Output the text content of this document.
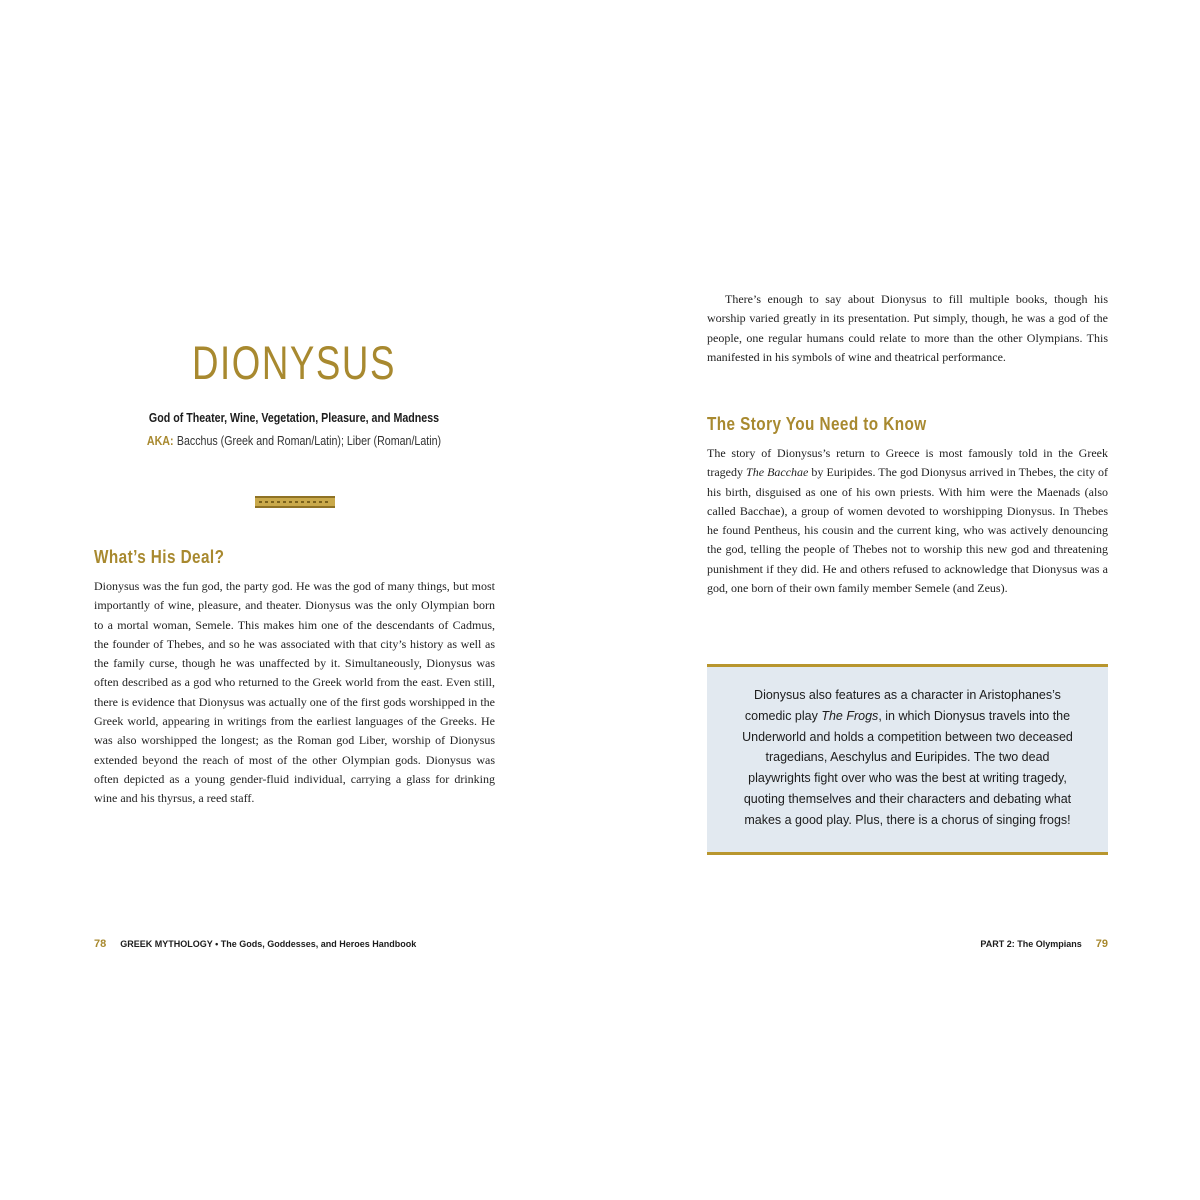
DIONYSUS

God of Theater, Wine, Vegetation, Pleasure, and Madness

AKA: Bacchus (Greek and Roman/Latin); Liber (Roman/Latin)

What’s His Deal?

Dionysus was the fun god, the party god. He was the god of many things, but most importantly of wine, pleasure, and theater. Dionysus was the only Olympian born to a mortal woman, Semele. This makes him one of the descendants of Cadmus, the founder of Thebes, and so he was associated with that city’s history as well as the family curse, though he was unaffected by it. Simultaneously, Dionysus was often described as a god who returned to the Greek world from the east. Even still, there is evidence that Dionysus was actually one of the first gods worshipped in the Greek world, appearing in writings from the earliest languages of the Greeks. He was also worshipped the longest; as the Roman god Liber, worship of Dionysus extended beyond the reach of most of the other Olympian gods. Dionysus was often depicted as a young gender-fluid individual, carrying a glass for drinking wine and his thyrsus, a reed staff.

78 GREEK MYTHOLOGY • The Gods, Goddesses, and Heroes Handbook

There’s enough to say about Dionysus to fill multiple books, though his worship varied greatly in its presentation. Put simply, though, he was a god of the people, one regular humans could relate to more than the other Olympians. This manifested in his symbols of wine and theatrical performance.

The Story You Need to Know

The story of Dionysus’s return to Greece is most famously told in the Greek tragedy The Bacchae by Euripides. The god Dionysus arrived in Thebes, the city of his birth, disguised as one of his own priests. With him were the Maenads (also called Bacchae), a group of women devoted to worshipping Dionysus. In Thebes he found Pentheus, his cousin and the current king, who was actively denouncing the god, telling the people of Thebes not to worship this new god and threatening punishment if they did. He and others refused to acknowledge that Dionysus was a god, one born of their own family member Semele (and Zeus).

Dionysus also features as a character in Aristophanes’s comedic play The Frogs, in which Dionysus travels into the Underworld and holds a competition between two deceased tragedians, Aeschylus and Euripides. The two dead playwrights fight over who was the best at writing tragedy, quoting themselves and their characters and debating what makes a good play. Plus, there is a chorus of singing frogs!

PART 2: The Olympians 79
